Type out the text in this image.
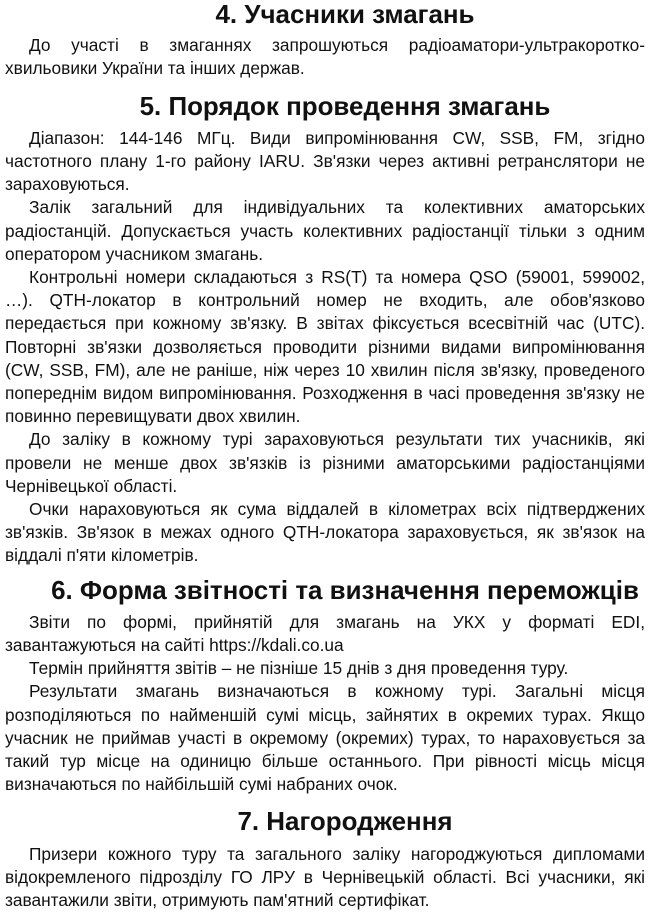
4. Учасники змагань

До участі в змаганнях запрошуються радіоаматори-ультракоротко-хвильовики України та інших держав.

5. Порядок проведення змагань

Діапазон: 144-146 МГц. Види випромінювання CW, SSB, FM, згідно частотного плану 1-го району IARU. Зв'язки через активні ретранслятори не зараховуються.

Залік загальний для індивідуальних та колективних аматорських радіостанцій. Допускається участь колективних радіостанції тільки з одним оператором учасником змагань.

Контрольні номери складаються з RS(T) та номера QSO (59001, 599002, …). QTH-локатор в контрольний номер не входить, але обов'язково передається при кожному зв'язку. В звітах фіксується всесвітній час (UTC). Повторні зв'язки дозволяється проводити різними видами випромінювання (CW, SSB, FM), але не раніше, ніж через 10 хвилин після зв'язку, проведеного попереднім видом випромінювання. Розходження в часі проведення зв'язку не повинно перевищувати двох хвилин.

До заліку в кожному турі зараховуються результати тих учасників, які провели не менше двох зв'язків із різними аматорськими радіостанціями Чернівецької області.

Очки нараховуються як сума віддалей в кілометрах всіх підтверджених зв'язків. Зв'язок в межах одного QTH-локатора зараховується, як зв'язок на віддалі п'яти кілометрів.

6. Форма звітності та визначення переможців

Звіти по формі, прийнятій для змагань на УКХ у форматі EDI, завантажуються на сайті https://kdali.co.ua

Термін прийняття звітів – не пізніше 15 днів з дня проведення туру.

Результати змагань визначаються в кожному турі. Загальні місця розподіляються по найменшій сумі місць, зайнятих в окремих турах. Якщо учасник не приймав участі в окремому (окремих) турах, то нараховується за такий тур місце на одиницю більше останнього. При рівності місць місця визначаються по найбільшій сумі набраних очок.

7. Нагородження

Призери кожного туру та загального заліку нагороджуються дипломами відокремленого підрозділу ГО ЛРУ в Чернівецькій області. Всі учасники, які завантажили звіти, отримують пам'ятний сертифікат.
